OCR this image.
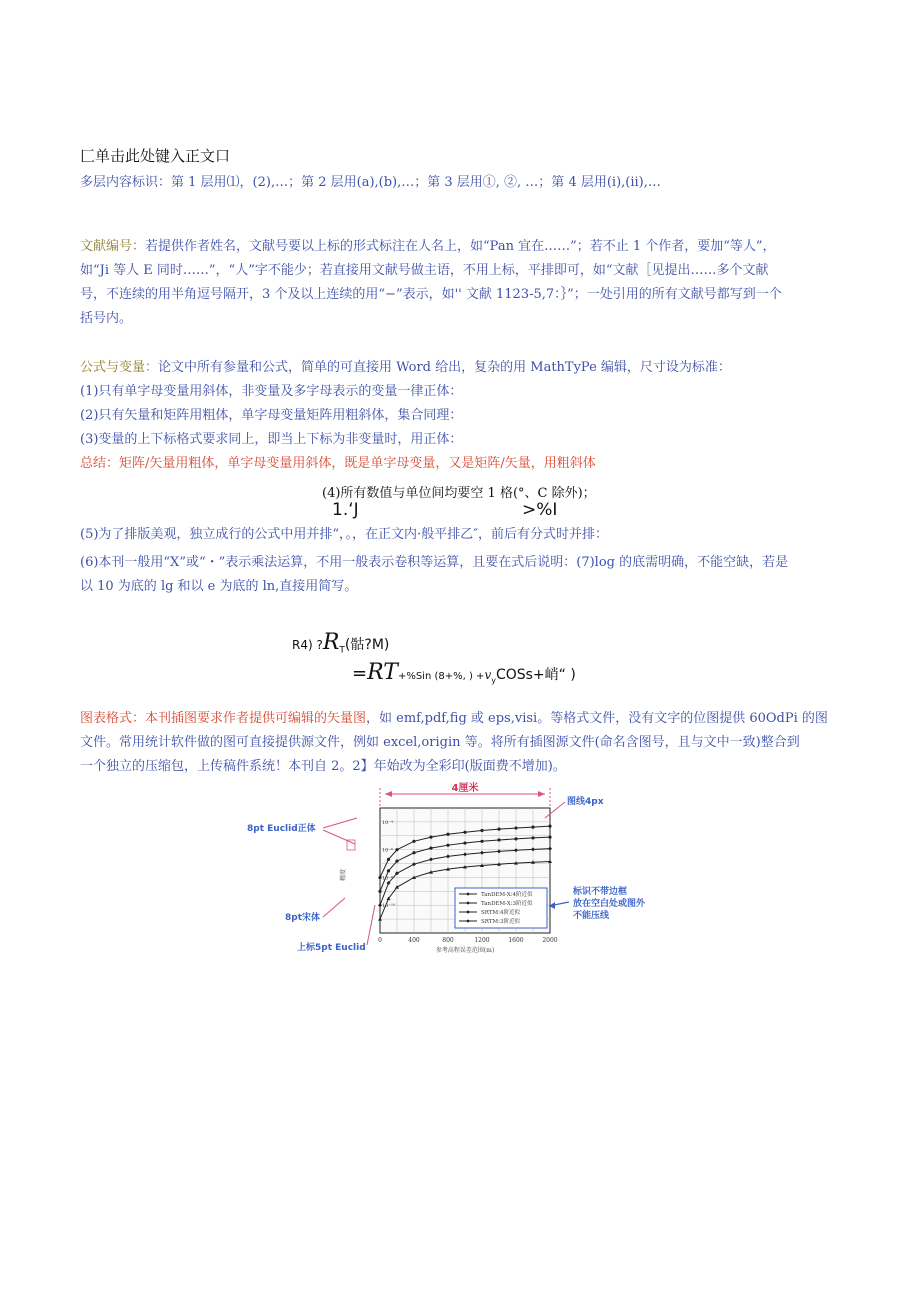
匚单击此处键入正文口
多层内容标识：第 1 层用⑴，(2),…；第 2 层用(a),(b),…；第 3 层用①, ②, …；第 4 层用(i),(ii),…
文献编号：若提供作者姓名，文献号要以上标的形式标注在人名上，如“Pan 宜在……”；若不止 1 个作者，要加“等人”，
如“Ji 等人 E 同时……”，“人”字不能少；若直接用文献号做主语，不用上标，平排即可，如“文献［见提出……多个文献
号，不连续的用半角逗号隔开，3 个及以上连续的用“−”表示，如'' 文献 1123-5,7：｝”；一处引用的所有文献号都写到一个
括号内。
公式与变量：论文中所有参量和公式，简单的可直接用 Word 给出，复杂的用 MathTyPe 编辑，尺寸设为标准：
(1)只有单字母变量用斜体，非变量及多字母表示的变量一律正体：
(2)只有矢量和矩阵用粗体，单字母变量矩阵用粗斜体，集合同理：
(3)变量的上下标格式要求同上，即当上下标为非变量时，用正体：
总结：矩阵/矢量用粗体，单字母变量用斜体，既是单字母变量，又是矩阵/矢量，用粗斜体
(4)所有数值与单位间均要空 1 格(°、C 除外)；
1.ʻJ	>%I
(5)为了排版美观，独立成行的公式中用并排“，。，在正文内·般平排乙″，前后有分式时并排：
(6)本刊一般用“X”或“・”表示乘法运算，不用一般表示卷积等运算，且要在式后说明：(7)log 的底需明确，不能空缺，若是
以 10 为底的 lg 和以 e 为底的 ln,直接用简写。
R4) $?R_T$(骷?M)
=RT+%Sin (8+%, ) $+v_yCOSs+$峭“ )
图表格式：本刊插图要求作者提供可编辑的矢量图，如 emf,pdf,fig 或 eps,visi。等格式文件，没有文字的位图提供 60OdPi 的图
文件。常用统计软件做的图可直接提供源文件，例如 excel,origin 等。将所有插图源文件(命名含图号，且与文中一致)整合到
一个独立的压缩包，上传稿件系统！本刊自 2。2】年始改为全彩印(版面费不增加)。
0	400	800	1200	1600	2000
10⁻⁴
10⁻⁶
10⁻⁸
10⁻¹⁰
4厘米
参考高程误差范围(m)
精度
TanDEM-X:4阶近似
TanDEM-X:3阶近似
SRTM:4阶近似
SRTM:3阶近似
8pt Euclid正体
8pt宋体
上标5pt Euclid
图线4px
标识不带边框
放在空白处或图外
不能压线
